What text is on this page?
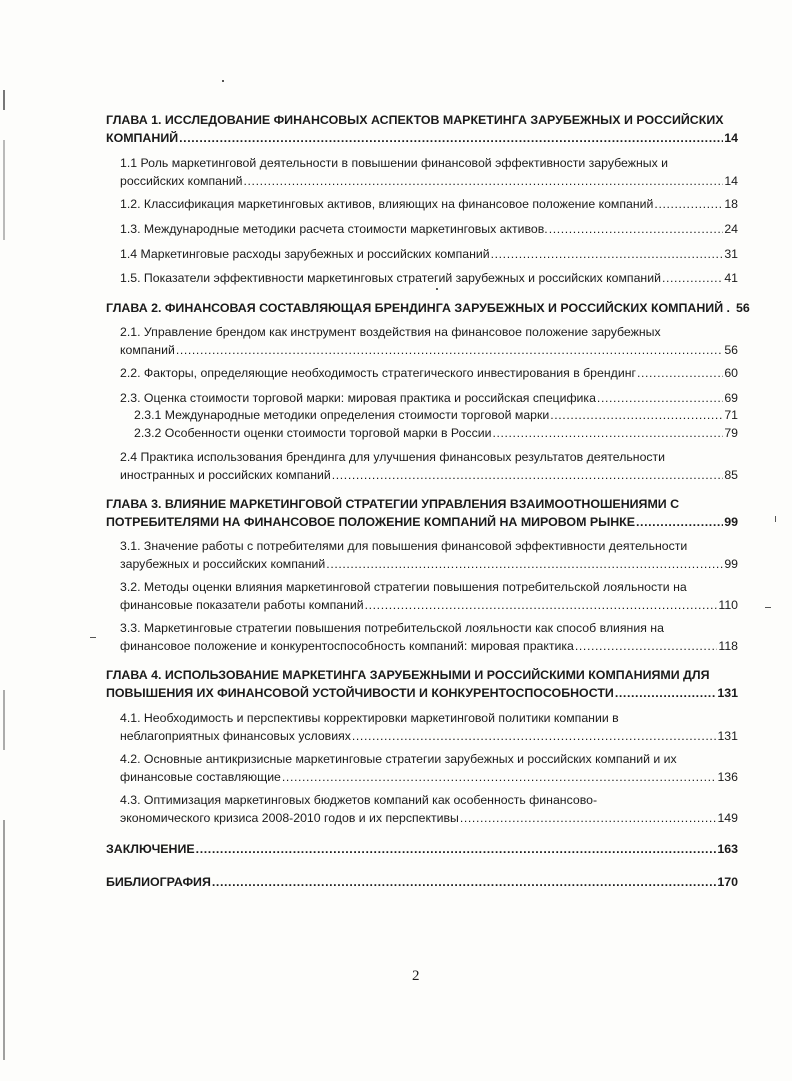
ГЛАВА 1. ИССЛЕДОВАНИЕ ФИНАНСОВЫХ АСПЕКТОВ МАРКЕТИНГА ЗАРУБЕЖНЫХ И РОССИЙСКИХ
КОМПАНИЙ .....	14
1.1 Роль маркетинговой деятельности в повышении финансовой эффективности зарубежных и
российских компаний .....	14
1.2. Классификация маркетинговых активов, влияющих на финансовое положение компаний .....	18
1.3. Международные методики расчета стоимости маркетинговых активов. .....	24
1.4 Маркетинговые расходы зарубежных и российских компаний .....	31
1.5. Показатели эффективности маркетинговых стратегий зарубежных и российских компаний .....	41
ГЛАВА 2. ФИНАНСОВАЯ СОСТАВЛЯЮЩАЯ БРЕНДИНГА ЗАРУБЕЖНЫХ И РОССИЙСКИХ КОМПАНИЙ . 56
2.1. Управление брендом как инструмент воздействия на финансовое положение зарубежных
компаний .....	56
2.2. Факторы, определяющие необходимость стратегического инвестирования в брендинг .....	60
2.3. Оценка стоимости торговой марки: мировая практика и российская специфика .....	69
2.3.1 Международные методики определения стоимости торговой марки .....	71
2.3.2 Особенности оценки стоимости торговой марки в России .....	79
2.4 Практика использования брендинга для улучшения финансовых результатов деятельности
иностранных и российских компаний .....	85
ГЛАВА 3. ВЛИЯНИЕ МАРКЕТИНГОВОЙ СТРАТЕГИИ УПРАВЛЕНИЯ ВЗАИМООТНОШЕНИЯМИ С
ПОТРЕБИТЕЛЯМИ НА ФИНАНСОВОЕ ПОЛОЖЕНИЕ КОМПАНИЙ НА МИРОВОМ РЫНКЕ .....	99
3.1. Значение работы с потребителями для повышения финансовой эффективности деятельности
зарубежных и российских компаний .....	99
3.2. Методы оценки влияния маркетинговой стратегии повышения потребительской лояльности на
финансовые показатели работы компаний .....	110
3.3. Маркетинговые стратегии повышения потребительской лояльности как способ влияния на
финансовое положение и конкурентоспособность компаний: мировая практика .....	118
ГЛАВА 4. ИСПОЛЬЗОВАНИЕ МАРКЕТИНГА ЗАРУБЕЖНЫМИ И РОССИЙСКИМИ КОМПАНИЯМИ ДЛЯ
ПОВЫШЕНИЯ ИХ ФИНАНСОВОЙ УСТОЙЧИВОСТИ И КОНКУРЕНТОСПОСОБНОСТИ .....	131
4.1. Необходимость и перспективы корректировки маркетинговой политики компании в
неблагоприятных финансовых условиях .....	131
4.2. Основные антикризисные маркетинговые стратегии зарубежных и российских компаний и их
финансовые составляющие .....	136
4.3. Оптимизация маркетинговых бюджетов компаний как особенность финансово-
экономического кризиса 2008-2010 годов и их перспективы .....	149
ЗАКЛЮЧЕНИЕ .....	163
БИБЛИОГРАФИЯ .....	170
2
